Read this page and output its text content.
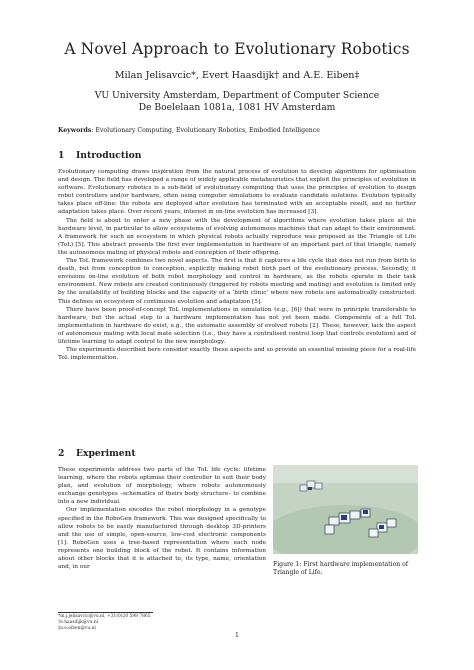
A Novel Approach to Evolutionary Robotics
Milan Jelisavcic*, Evert Haasdijk† and A.E. Eiben‡
VU University Amsterdam, Department of Computer Science
De Boelelaan 1081a, 1081 HV Amsterdam
Keywords: Evolutionary Computing, Evolutionary Robotics, Embodied Intelligence
1 Introduction

Evolutionary computing draws inspiration from the natural process of evolution to develop algorithms for optimisation and design. The field has developed a range of widely applicable metaheuristics that exploit the principles of evolution in software. Evolutionary robotics is a sub-field of evolutionary computing that uses the principles of evolution to design robot controllers and/or hardware, often using computer simulations to evaluate candidate solutions. Evolution typically takes place off-line: the robots are deployed after evolution has terminated with an acceptable result, and no further adaptation takes place. Over recent years, interest in on-line evolution has increased [3].

The field is about to enter a new phase with the development of algorithms where evolution takes place at the hardware level, in particular to allow ecosystems of evolving autonomous machines that can adapt to their environment. A framework for such an ecosystem in which physical robots actually reproduce was proposed as the Triangle of Life (ToL) [5]. This abstract presents the first ever implementation in hardware of an important part of that triangle, namely the autonomous mating of physical robots and conception of their offspring.

The ToL framework combines two novel aspects. The first is that it captures a life cycle that does not run from birth to death, but from conception to conception, explicitly making robot birth part of the evolutionary process. Secondly, it envisions on-line evolution of both robot morphology and control in hardware, as the robots operate in their task environment. New robots are created continuously (triggered by robots meeting and mating) and evolution is limited only by the availability of building blocks and the capacity of a ‘birth clinic’ where new robots are automatically constructed. This defines an ecosystem of continuous evolution and adaptation [5].

There have been proof-of-concept ToL implementations in simulation (e.g., [6]) that were in principle transferable to hardware, but the actual step to a hardware implementation has not yet been made. Components of a full ToL implementation in hardware do exist, e.g., the automatic assembly of evolved robots [2]. These, however, lack the aspect of autonomous mating with local mate selection (i.e., they have a centralised control loop that controls evolution) and of lifetime learning to adapt control to the new morphology.

The experiments described here consider exactly these aspects and so provide an essential missing piece for a real-life ToL implementation.

2 Experiment

These experiments address two parts of the ToL life cycle: lifetime learning, where the robots optimise their controller to suit their body plan, and evolution of morphology, where robots autonomously exchange genotypes –schematics of theirs body structure– to combine into a new individual.

Our implementation encodes the robot morphology in a genotype specified in the RoboGen framework. This was designed specifically to allow robots to be easily manufactured through desktop 3D-printers and the use of simple, open-source, low-cost electronic components [1]. RoboGen uses a tree-based representation where each node represents one building block of the robot. It contains information about other blocks that it is attached to, its type, name, orientation and, in our	Figure 1: First hardware implementation of Triangle of Life.
*m.j.jelisavcic@vu.nl, +31(0)20 598 7865
†e.haasdijk@vu.nl
‡a.e.eiben@vu.nl
1
